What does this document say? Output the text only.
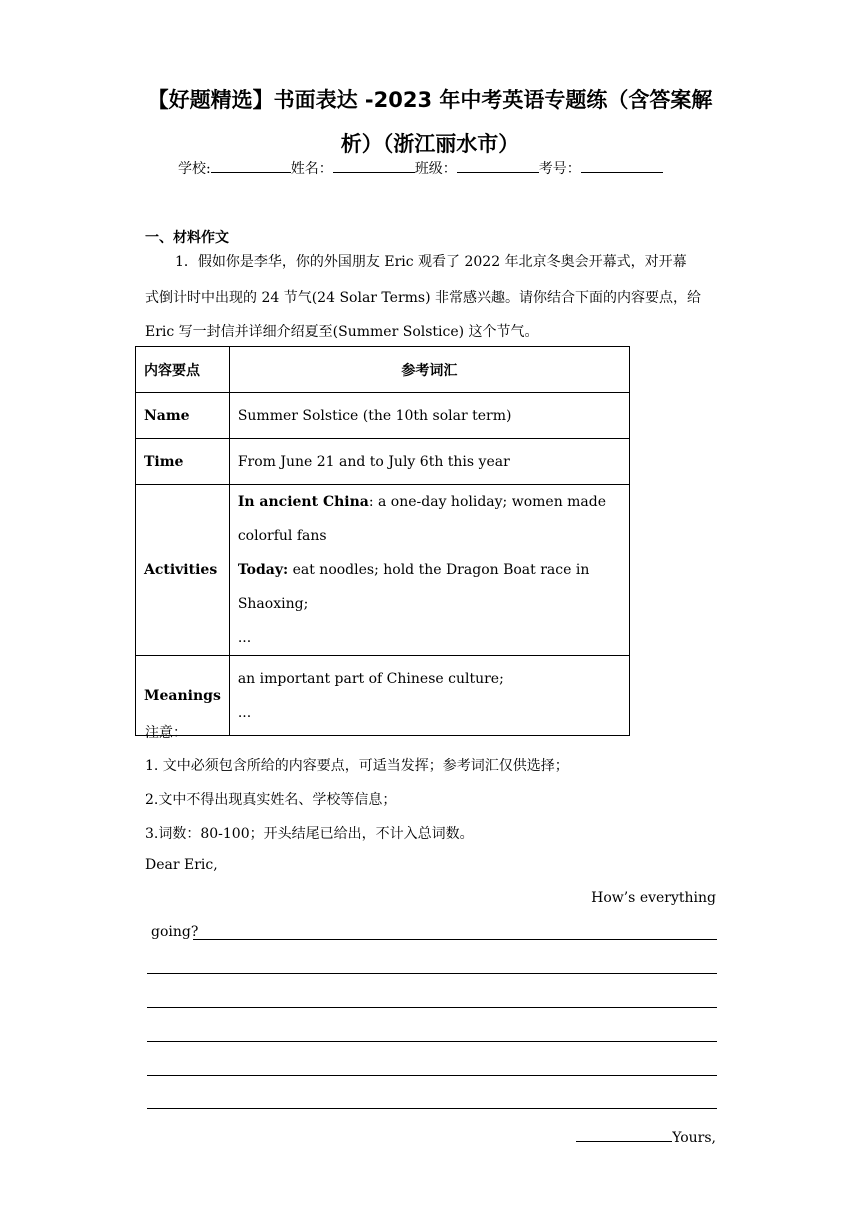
【好题精选】书面表达 -2023 年中考英语专题练（含答案解
析）（浙江丽水市）
学校:	姓名：	班级：	考号：
一、材料作文
1．假如你是李华，你的外国朋友 Eric 观看了 2022 年北京冬奥会开幕式，对开幕
式倒计时中出现的 24 节气(24 Solar Terms) 非常感兴趣。请你结合下面的内容要点，给
Eric 写一封信并详细介绍夏至(Summer Solstice) 这个节气。
内容要点	参考词汇
Name	Summer Solstice (the 10th solar term)
Time	From June 21 and to July 6th this year
Activities	In ancient China: a one-day holiday; women made colorful fans
Today: eat noodles; hold the Dragon Boat race in Shaoxing;
...

Meanings	an important part of Chinese culture;
...
注意：
1. 文中必须包含所给的内容要点，可适当发挥；参考词汇仅供选择；
2.文中不得出现真实姓名、学校等信息；
3.词数：80-100；开头结尾已给出，不计入总词数。
Dear Eric,
How’s everything
going?
Yours,
